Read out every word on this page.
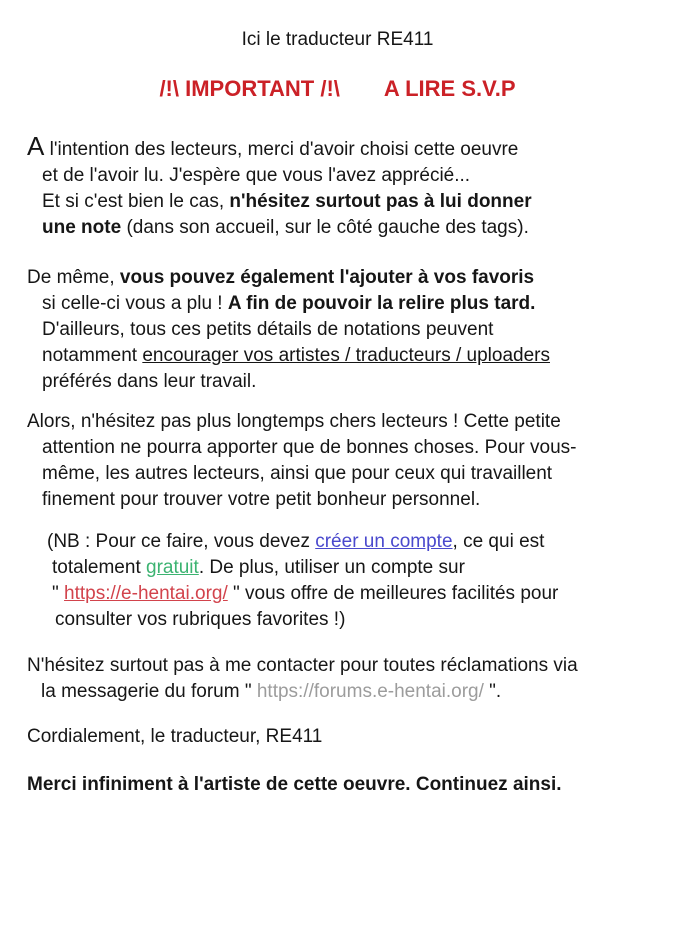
Ici le traducteur RE411
/!\ IMPORTANT /!\ A LIRE S.V.P
A l'intention des lecteurs, merci d'avoir choisi cette oeuvre
et de l'avoir lu. J'espère que vous l'avez apprécié...
Et si c'est bien le cas, n'hésitez surtout pas à lui donner
une note (dans son accueil, sur le côté gauche des tags).
De même, vous pouvez également l'ajouter à vos favoris
si celle-ci vous a plu ! A fin de pouvoir la relire plus tard.
D'ailleurs, tous ces petits détails de notations peuvent
notamment encourager vos artistes / traducteurs / uploaders
préférés dans leur travail.
Alors, n'hésitez pas plus longtemps chers lecteurs ! Cette petite
attention ne pourra apporter que de bonnes choses. Pour vous-
même, les autres lecteurs, ainsi que pour ceux qui travaillent
finement pour trouver votre petit bonheur personnel.
(NB : Pour ce faire, vous devez créer un compte, ce qui est
totalement gratuit. De plus, utiliser un compte sur
" https://e-hentai.org/ " vous offre de meilleures facilités pour
consulter vos rubriques favorites !)
N'hésitez surtout pas à me contacter pour toutes réclamations via
la messagerie du forum " https://forums.e-hentai.org/ ".
Cordialement, le traducteur, RE411
Merci infiniment à l'artiste de cette oeuvre. Continuez ainsi.
